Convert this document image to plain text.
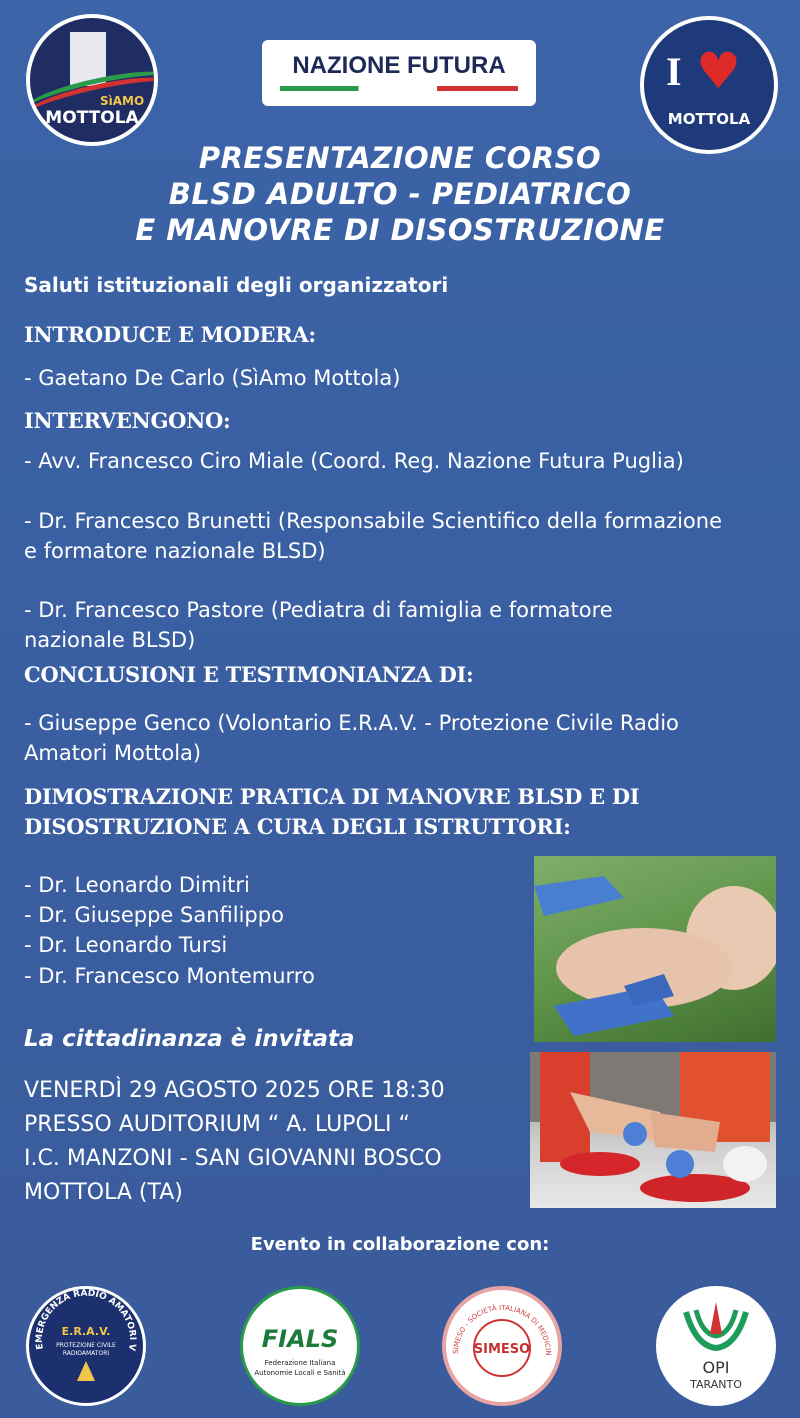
SìAMO
MOTTOLA
NAZIONE FUTURA	I ♥
MOTTOLA
PRESENTAZIONE CORSO
BLSD ADULTO - PEDIATRICO
E MANOVRE DI DISOSTRUZIONE
Saluti istituzionali degli organizzatori
INTRODUCE E MODERA:
- Gaetano De Carlo (SìAmo Mottola)
INTERVENGONO:
- Avv. Francesco Ciro Miale (Coord. Reg. Nazione Futura Puglia)
- Dr. Francesco Brunetti (Responsabile Scientifico della formazione
e formatore nazionale BLSD)
- Dr. Francesco Pastore (Pediatra di famiglia e formatore
nazionale BLSD)
CONCLUSIONI E TESTIMONIANZA DI:
- Giuseppe Genco (Volontario E.R.A.V. - Protezione Civile Radio
Amatori Mottola)
DIMOSTRAZIONE PRATICA DI MANOVRE BLSD E DI
DISOSTRUZIONE A CURA DEGLI ISTRUTTORI:
- Dr. Leonardo Dimitri
- Dr. Giuseppe Sanfilippo
- Dr. Leonardo Tursi
- Dr. Francesco Montemurro
La cittadinanza è invitata
VENERDÌ 29 AGOSTO 2025 ORE 18:30
PRESSO AUDITORIUM “ A. LUPOLI “
I.C. MANZONI - SAN GIOVANNI BOSCO
MOTTOLA (TA)
Evento in collaborazione con:
EMERGENZA RADIO AMATORI V
E.R.A.V.
PROTEZIONE CIVILE
RADIOAMATORI
FIALS
Federazione Italiana
Autonomie Locali e Sanità
SIMESO - SOCIETÀ ITALIANA DI MEDICIN
SIMESO
OPI
TARANTO
